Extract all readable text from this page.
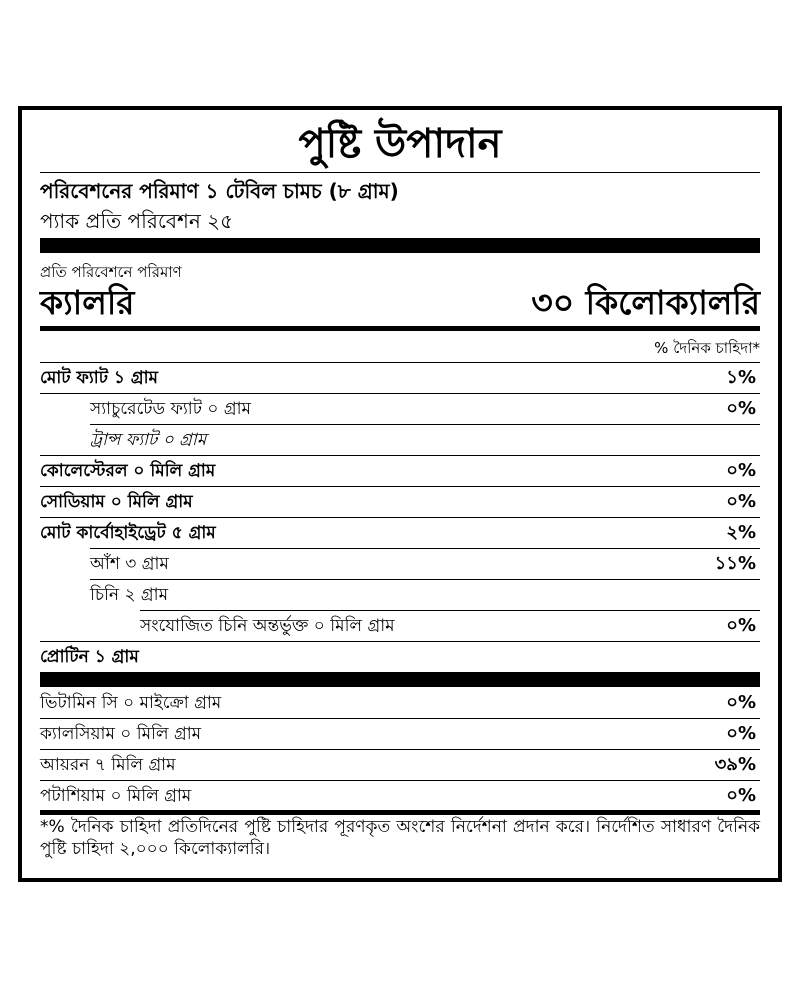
পুষ্টি উপাদান
পরিবেশনের পরিমাণ ১ টেবিল চামচ (৮ গ্রাম)
প্যাক প্রতি পরিবেশন ২৫
প্রতি পরিবেশনে পরিমাণ
ক্যালরি	৩০ কিলোক্যালরি
% দৈনিক চাহিদা*
মোট ফ্যাট ১ গ্রাম	১%
স্যাচুরেটেড ফ্যাট ০ গ্রাম	০%
ট্রান্স ফ্যাট ০ গ্রাম
কোলেস্টেরল ০ মিলি গ্রাম	০%
সোডিয়াম ০ মিলি গ্রাম	০%
মোট কার্বোহাইড্রেট ৫ গ্রাম	২%
আঁশ ৩ গ্রাম	১১%
চিনি ২ গ্রাম
সংযোজিত চিনি অন্তর্ভুক্ত ০ মিলি গ্রাম	০%
প্রোটিন ১ গ্রাম
ভিটামিন সি ০ মাইক্রো গ্রাম	০%
ক্যালসিয়াম ০ মিলি গ্রাম	০%
আয়রন ৭ মিলি গ্রাম	৩৯%
পটাশিয়াম ০ মিলি গ্রাম	০%
*% দৈনিক চাহিদা প্রতিদিনের পুষ্টি চাহিদার পূরণকৃত অংশের নির্দেশনা প্রদান করে। নির্দেশিত সাধারণ দৈনিক পুষ্টি চাহিদা ২,০০০ কিলোক্যালরি।
